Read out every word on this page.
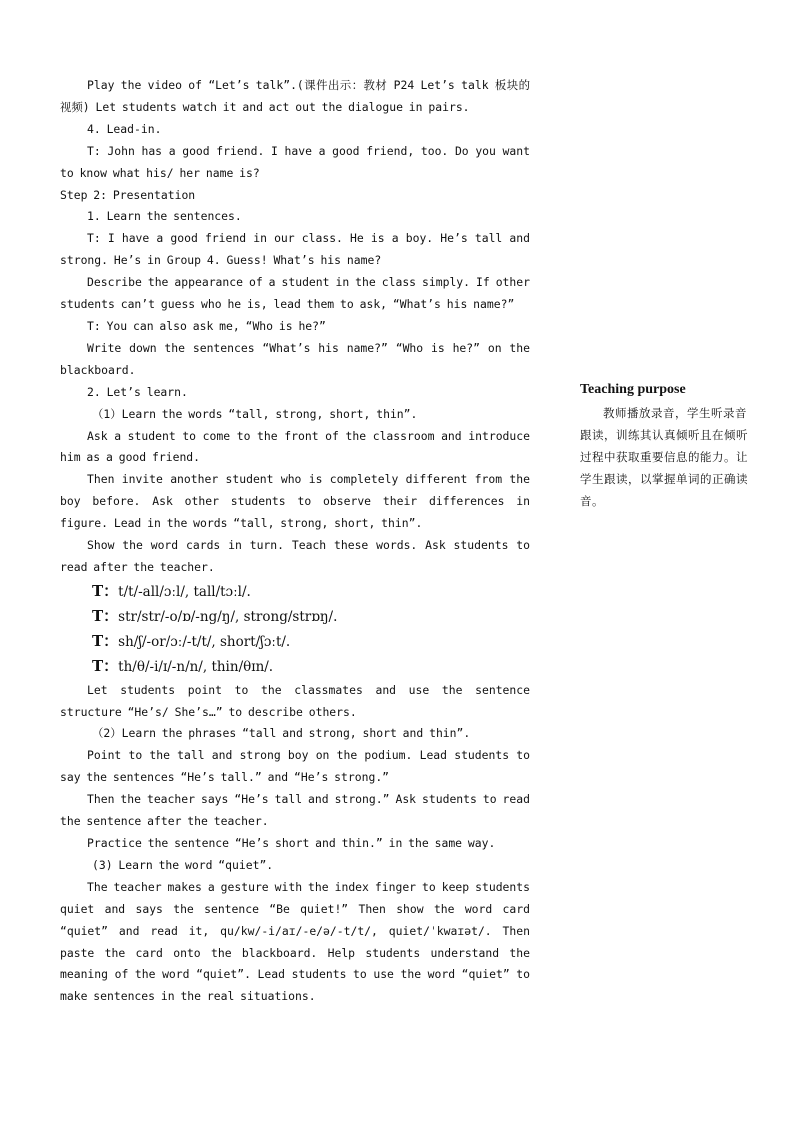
Play the video of “Let’s talk”.(课件出示：教材 P24 Let’s talk 板块的视频) Let students watch it and act out the dialogue in pairs.

4. Lead-in.

T: John has a good friend. I have a good friend, too. Do you want to know what his/ her name is?

Step 2: Presentation

1. Learn the sentences.

T: I have a good friend in our class. He is a boy. He’s tall and strong. He’s in Group 4. Guess! What’s his name?

Describe the appearance of a student in the class simply. If other students can’t guess who he is, lead them to ask, “What’s his name?”

T: You can also ask me, “Who is he?”

Write down the sentences “What’s his name?” “Who is he?” on the blackboard.

2. Let’s learn.

（1）Learn the words “tall, strong, short, thin”.

Ask a student to come to the front of the classroom and introduce him as a good friend.

Then invite another student who is completely different from the boy before. Ask other students to observe their differences in figure. Lead in the words “tall, strong, short, thin”.

Show the word cards in turn. Teach these words. Ask students to read after the teacher.

T：t/t/-all/ɔːl/, tall/tɔːl/.

T：str/str/-o/ɒ/-ng/ŋ/, strong/strɒŋ/.

T：sh/ʃ/-or/ɔː/-t/t/, short/ʃɔːt/.

T：th/θ/-i/ɪ/-n/n/, thin/θɪn/.

Let students point to the classmates and use the sentence structure “He’s/ She’s…” to describe others.

（2）Learn the phrases “tall and strong, short and thin”.

Point to the tall and strong boy on the podium. Lead students to say the sentences “He’s tall.” and “He’s strong.”

Then the teacher says “He’s tall and strong.” Ask students to read the sentence after the teacher.

Practice the sentence “He’s short and thin.” in the same way.

(3) Learn the word “quiet”.

The teacher makes a gesture with the index finger to keep students quiet and says the sentence “Be quiet!” Then show the word card “quiet” and read it, qu/kw/-i/aɪ/-e/ə/-t/t/, quiet/ˈkwaɪət/. Then paste the card onto the blackboard. Help students understand the meaning of the word “quiet”. Lead students to use the word “quiet” to make sentences in the real situations.

Teaching purpose

教师播放录音，学生听录音跟读，训练其认真倾听且在倾听过程中获取重要信息的能力。让学生跟读，以掌握单词的正确读音。
